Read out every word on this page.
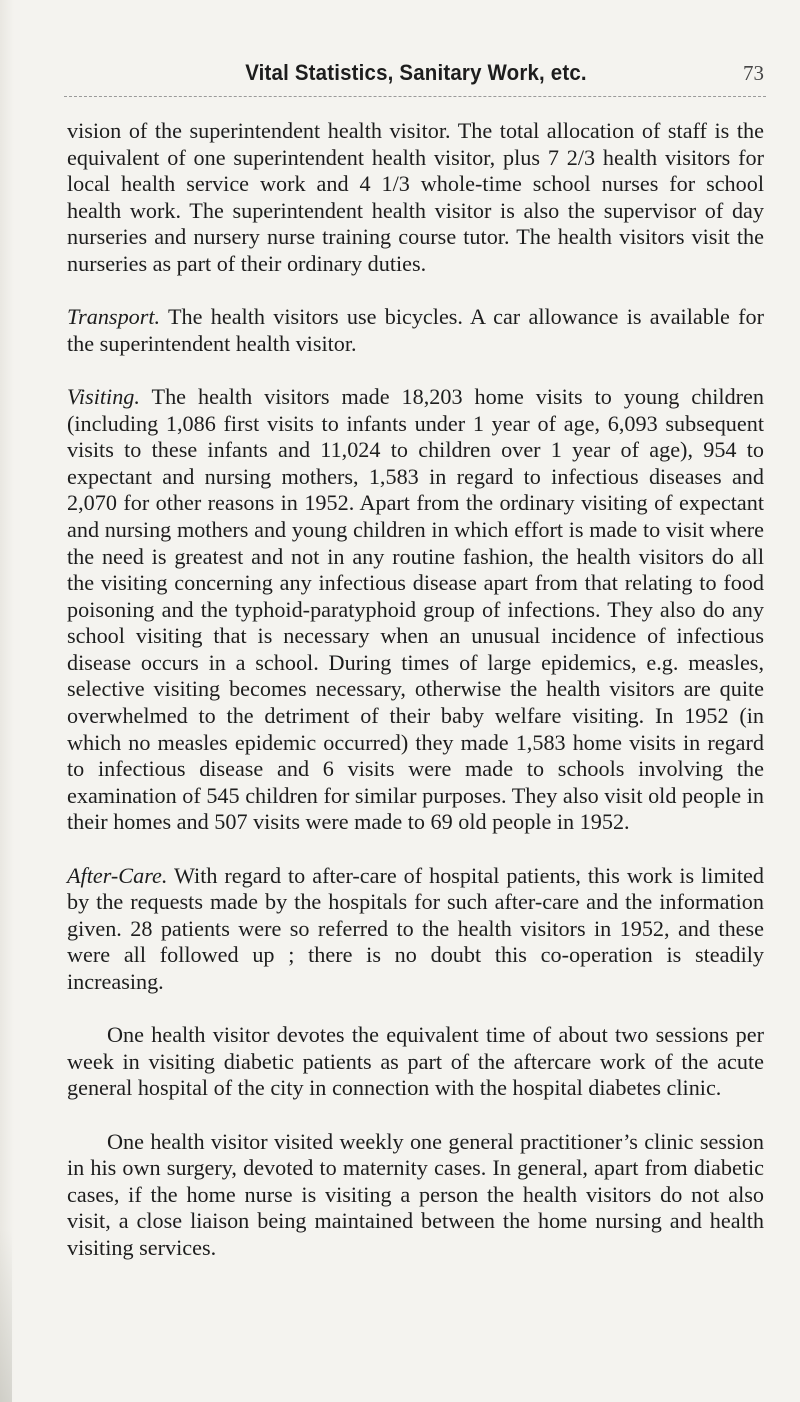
Vital Statistics, Sanitary Work, etc.	73

vision of the superintendent health visitor. The total allocation of staff is the equivalent of one superintendent health visitor, plus 7 2/3 health visitors for local health service work and 4 1/3 whole-time school nurses for school health work. The superintendent health visitor is also the supervisor of day nurseries and nursery nurse training course tutor. The health visitors visit the nurseries as part of their ordinary duties.

Transport. The health visitors use bicycles. A car allowance is available for the superintendent health visitor.

Visiting. The health visitors made 18,203 home visits to young children (including 1,086 first visits to infants under 1 year of age, 6,093 subsequent visits to these infants and 11,024 to children over 1 year of age), 954 to expectant and nursing mothers, 1,583 in regard to infectious diseases and 2,070 for other reasons in 1952. Apart from the ordinary visiting of expectant and nursing mothers and young children in which effort is made to visit where the need is greatest and not in any routine fashion, the health visitors do all the visiting concerning any infectious disease apart from that relating to food poisoning and the typhoid-paratyphoid group of infections. They also do any school visiting that is necessary when an unusual incidence of infectious disease occurs in a school. During times of large epidemics, e.g. measles, selective visiting becomes necessary, otherwise the health visitors are quite overwhelmed to the detriment of their baby welfare visiting. In 1952 (in which no measles epidemic occurred) they made 1,583 home visits in regard to infectious disease and 6 visits were made to schools involving the examination of 545 children for similar purposes. They also visit old people in their homes and 507 visits were made to 69 old people in 1952.

After-Care. With regard to after-care of hospital patients, this work is limited by the requests made by the hospitals for such after-care and the information given. 28 patients were so referred to the health visitors in 1952, and these were all followed up ; there is no doubt this co-operation is steadily increasing.

One health visitor devotes the equivalent time of about two sessions per week in visiting diabetic patients as part of the aftercare work of the acute general hospital of the city in connection with the hospital diabetes clinic.

One health visitor visited weekly one general practitioner’s clinic session in his own surgery, devoted to maternity cases. In general, apart from diabetic cases, if the home nurse is visiting a person the health visitors do not also visit, a close liaison being maintained between the home nursing and health visiting services.
